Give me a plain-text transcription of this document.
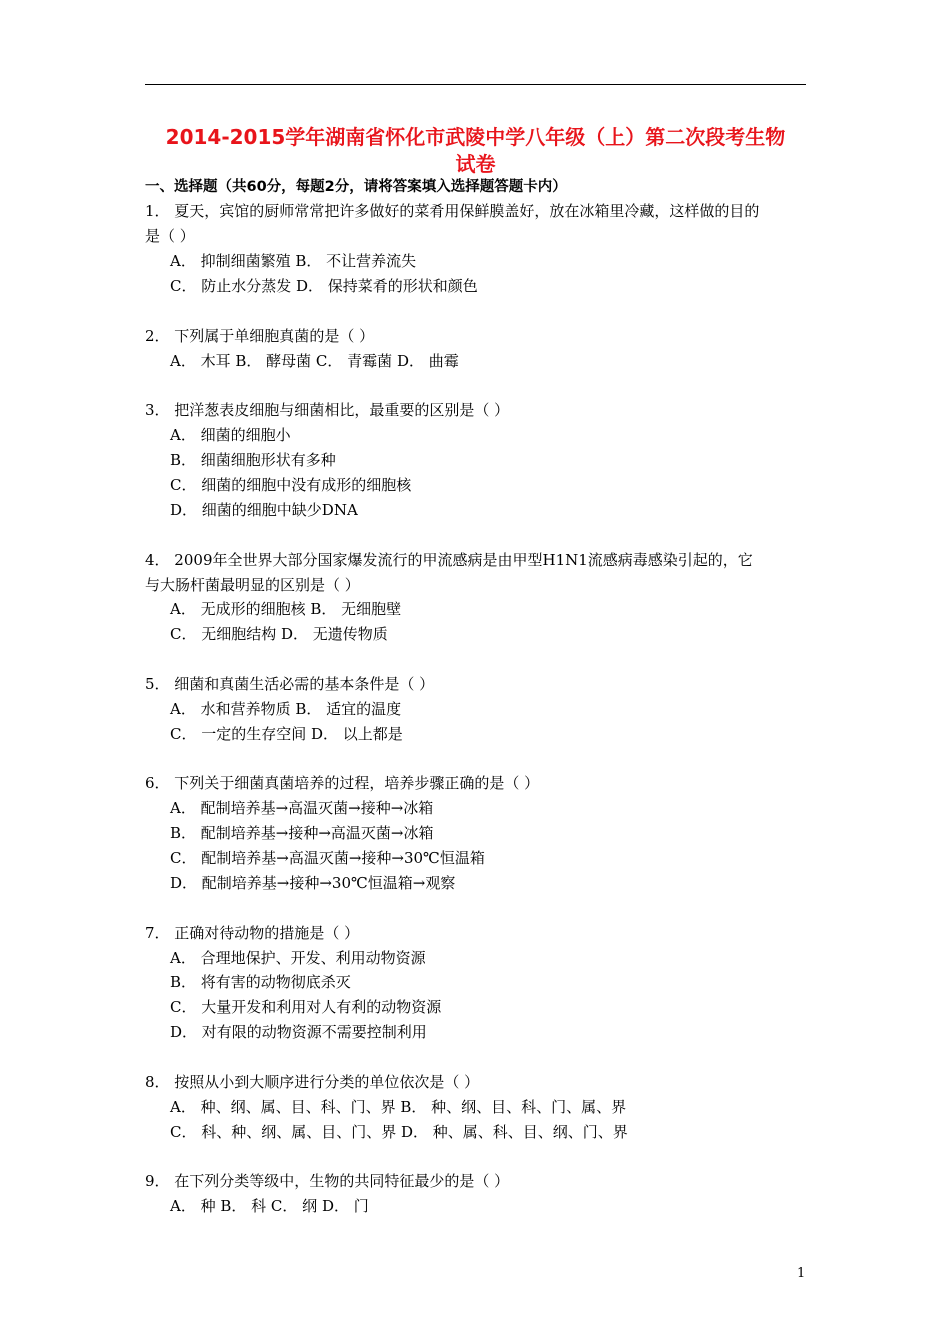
2014-2015学年湖南省怀化市武陵中学八年级（上）第二次段考生物
试卷
一、选择题（共60分，每题2分，请将答案填入选择题答题卡内）
1． 夏天，宾馆的厨师常常把许多做好的菜肴用保鲜膜盖好，放在冰箱里冷藏，这样做的目的
是（ ）
A． 抑制细菌繁殖 B． 不让营养流失
C． 防止水分蒸发 D． 保持菜肴的形状和颜色
2． 下列属于单细胞真菌的是（ ）
A． 木耳 B． 酵母菌 C． 青霉菌 D． 曲霉
3． 把洋葱表皮细胞与细菌相比，最重要的区别是（ ）
A． 细菌的细胞小
B． 细菌细胞形状有多种
C． 细菌的细胞中没有成形的细胞核
D． 细菌的细胞中缺少DNA
4． 2009年全世界大部分国家爆发流行的甲流感病是由甲型H1N1流感病毒感染引起的，它
与大肠杆菌最明显的区别是（ ）
A． 无成形的细胞核 B． 无细胞壁
C． 无细胞结构 D． 无遗传物质
5． 细菌和真菌生活必需的基本条件是（ ）
A． 水和营养物质 B． 适宜的温度
C． 一定的生存空间 D． 以上都是
6． 下列关于细菌真菌培养的过程，培养步骤正确的是（ ）
A． 配制培养基→高温灭菌→接种→冰箱
B． 配制培养基→接种→高温灭菌→冰箱
C． 配制培养基→高温灭菌→接种→30℃恒温箱
D． 配制培养基→接种→30℃恒温箱→观察
7． 正确对待动物的措施是（ ）
A． 合理地保护、开发、利用动物资源
B． 将有害的动物彻底杀灭
C． 大量开发和利用对人有利的动物资源
D． 对有限的动物资源不需要控制利用
8． 按照从小到大顺序进行分类的单位依次是（ ）
A． 种、纲、属、目、科、门、界 B． 种、纲、目、科、门、属、界
C． 科、种、纲、属、目、门、界 D． 种、属、科、目、纲、门、界
9． 在下列分类等级中，生物的共同特征最少的是（ ）
A． 种 B． 科 C． 纲 D． 门
1
